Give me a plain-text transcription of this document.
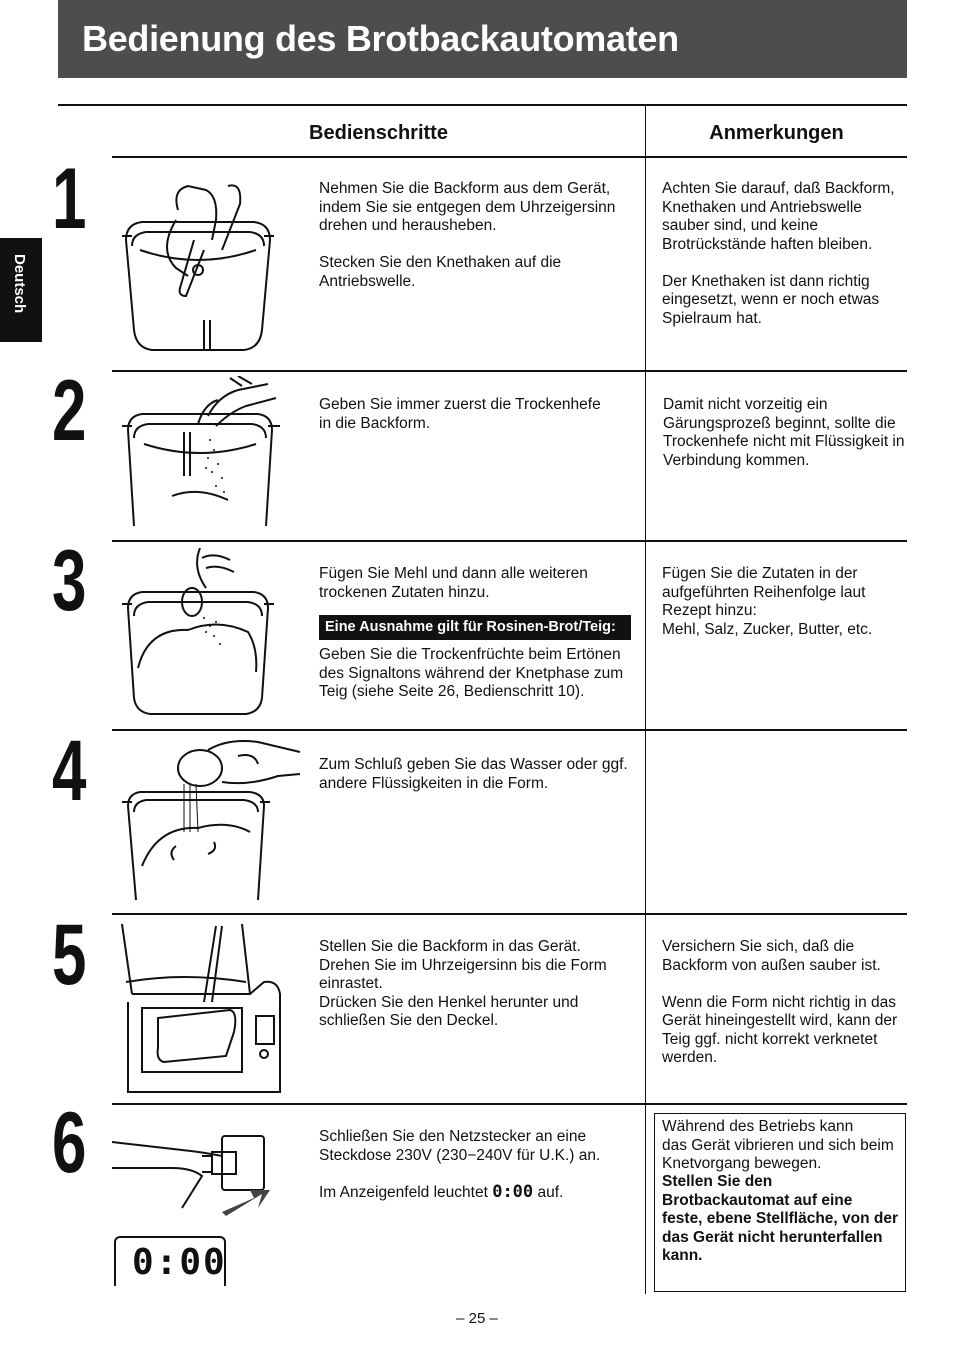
Bedienung des Brotbackautomaten
Deutsch
Bedienschritte	Anmerkungen
1
2
3
4
5
6
0:00
Nehmen Sie die Backform aus dem Gerät,
indem Sie sie entgegen dem Uhrzeigersinn
drehen und herausheben.

Stecken Sie den Knethaken auf die
Antriebswelle.
Achten Sie darauf, daß Backform,
Knethaken und Antriebswelle
sauber sind, und keine
Brotrückstände haften bleiben.

Der Knethaken ist dann richtig
eingesetzt, wenn er noch etwas
Spielraum hat.
Geben Sie immer zuerst die Trockenhefe
in die Backform.
Damit nicht vorzeitig ein
Gärungsprozeß beginnt, sollte die
Trockenhefe nicht mit Flüssigkeit in
Verbindung kommen.
Fügen Sie Mehl und dann alle weiteren
trockenen Zutaten hinzu.
Eine Ausnahme gilt für Rosinen-Brot/Teig:
Geben Sie die Trockenfrüchte beim Ertönen
des Signaltons während der Knetphase zum
Teig (siehe Seite 26, Bedienschritt 10).
Fügen Sie die Zutaten in der
aufgeführten Reihenfolge laut
Rezept hinzu:
Mehl, Salz, Zucker, Butter, etc.
Zum Schluß geben Sie das Wasser oder ggf.
andere Flüssigkeiten in die Form.
Stellen Sie die Backform in das Gerät.
Drehen Sie im Uhrzeigersinn bis die Form
einrastet.
Drücken Sie den Henkel herunter und
schließen Sie den Deckel.
Versichern Sie sich, daß die
Backform von außen sauber ist.

Wenn die Form nicht richtig in das
Gerät hineingestellt wird, kann der
Teig ggf. nicht korrekt verknetet
werden.
Schließen Sie den Netzstecker an eine
Steckdose 230V (230−240V für U.K.) an.
Im Anzeigenfeld leuchtet 0:00 auf.
Während des Betriebs kann
das Gerät vibrieren und sich beim
Knetvorgang bewegen.
Stellen Sie den
Brotbackautomat auf eine
feste, ebene Stellfläche, von der
das Gerät nicht herunterfallen
kann.
– 25 –
